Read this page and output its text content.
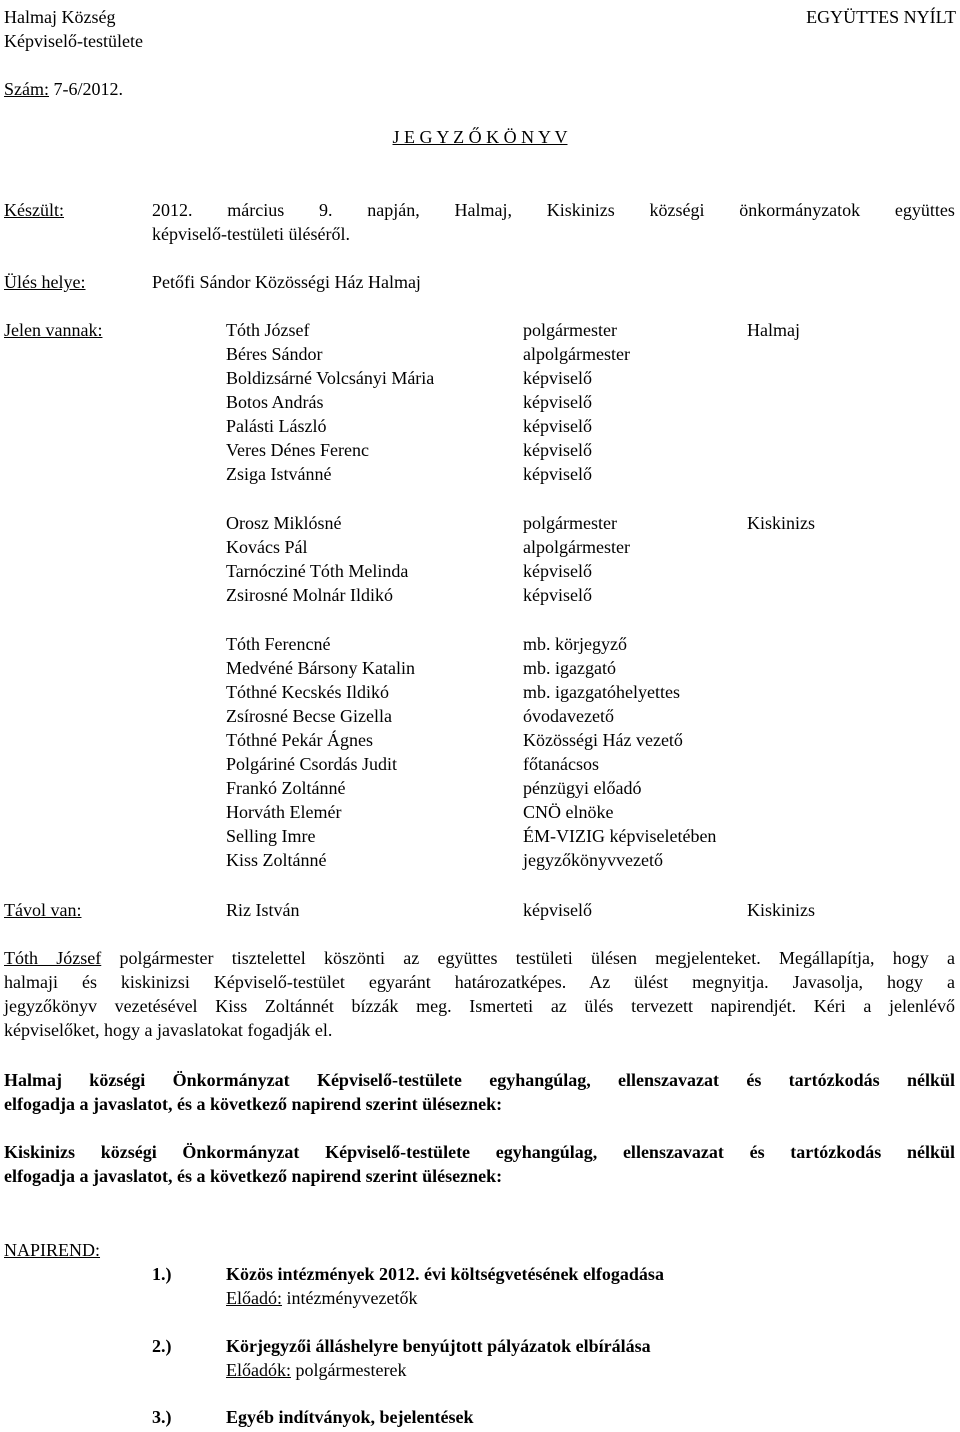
Halmaj Község
Képviselő-testülete
EGYÜTTES NYÍLT
Szám: 7-6/2012.
J E G Y Z Ő K Ö N Y V
Készült:	2012. március 9. napján, Halmaj, Kiskinizs községi önkormányzatok együttes
képviselő-testületi üléséről.
Ülés helye:	Petőfi Sándor Közösségi Ház Halmaj
Jelen vannak:	Tóth József	polgármester	Halmaj
Béres Sándor	alpolgármester
Boldizsárné Volcsányi Mária	képviselő
Botos András	képviselő
Palásti László	képviselő
Veres Dénes Ferenc	képviselő
Zsiga Istvánné	képviselő
Orosz Miklósné	polgármester	Kiskinizs
Kovács Pál	alpolgármester
Tarnócziné Tóth Melinda	képviselő
Zsirosné Molnár Ildikó	képviselő
Tóth Ferencné	mb. körjegyző
Medvéné Bársony Katalin	mb. igazgató
Tóthné Kecskés Ildikó	mb. igazgatóhelyettes
Zsírosné Becse Gizella	óvodavezető
Tóthné Pekár Ágnes	Közösségi Ház vezető
Polgáriné Csordás Judit	főtanácsos
Frankó Zoltánné	pénzügyi előadó
Horváth Elemér	CNÖ elnöke
Selling Imre	ÉM-VIZIG képviseletében
Kiss Zoltánné	jegyzőkönyvvezető
Távol van:	Riz István	képviselő	Kiskinizs
Tóth József polgármester tisztelettel köszönti az együttes testületi ülésen megjelenteket. Megállapítja, hogy a
halmaji és kiskinizsi Képviselő-testület egyaránt határozatképes. Az ülést megnyitja. Javasolja, hogy a
jegyzőkönyv vezetésével Kiss Zoltánnét bízzák meg. Ismerteti az ülés tervezett napirendjét. Kéri a jelenlévő
képviselőket, hogy a javaslatokat fogadják el.
Halmaj községi Önkormányzat Képviselő-testülete egyhangúlag, ellenszavazat és tartózkodás nélkül
elfogadja a javaslatot, és a következő napirend szerint üléseznek:
Kiskinizs községi Önkormányzat Képviselő-testülete egyhangúlag, ellenszavazat és tartózkodás nélkül
elfogadja a javaslatot, és a következő napirend szerint üléseznek:
NAPIREND:
1.)	Közös intézmények 2012. évi költségvetésének elfogadása
Előadó: intézményvezetők
2.)	Körjegyzői álláshelyre benyújtott pályázatok elbírálása
Előadók: polgármesterek
3.)	Egyéb indítványok, bejelentések
